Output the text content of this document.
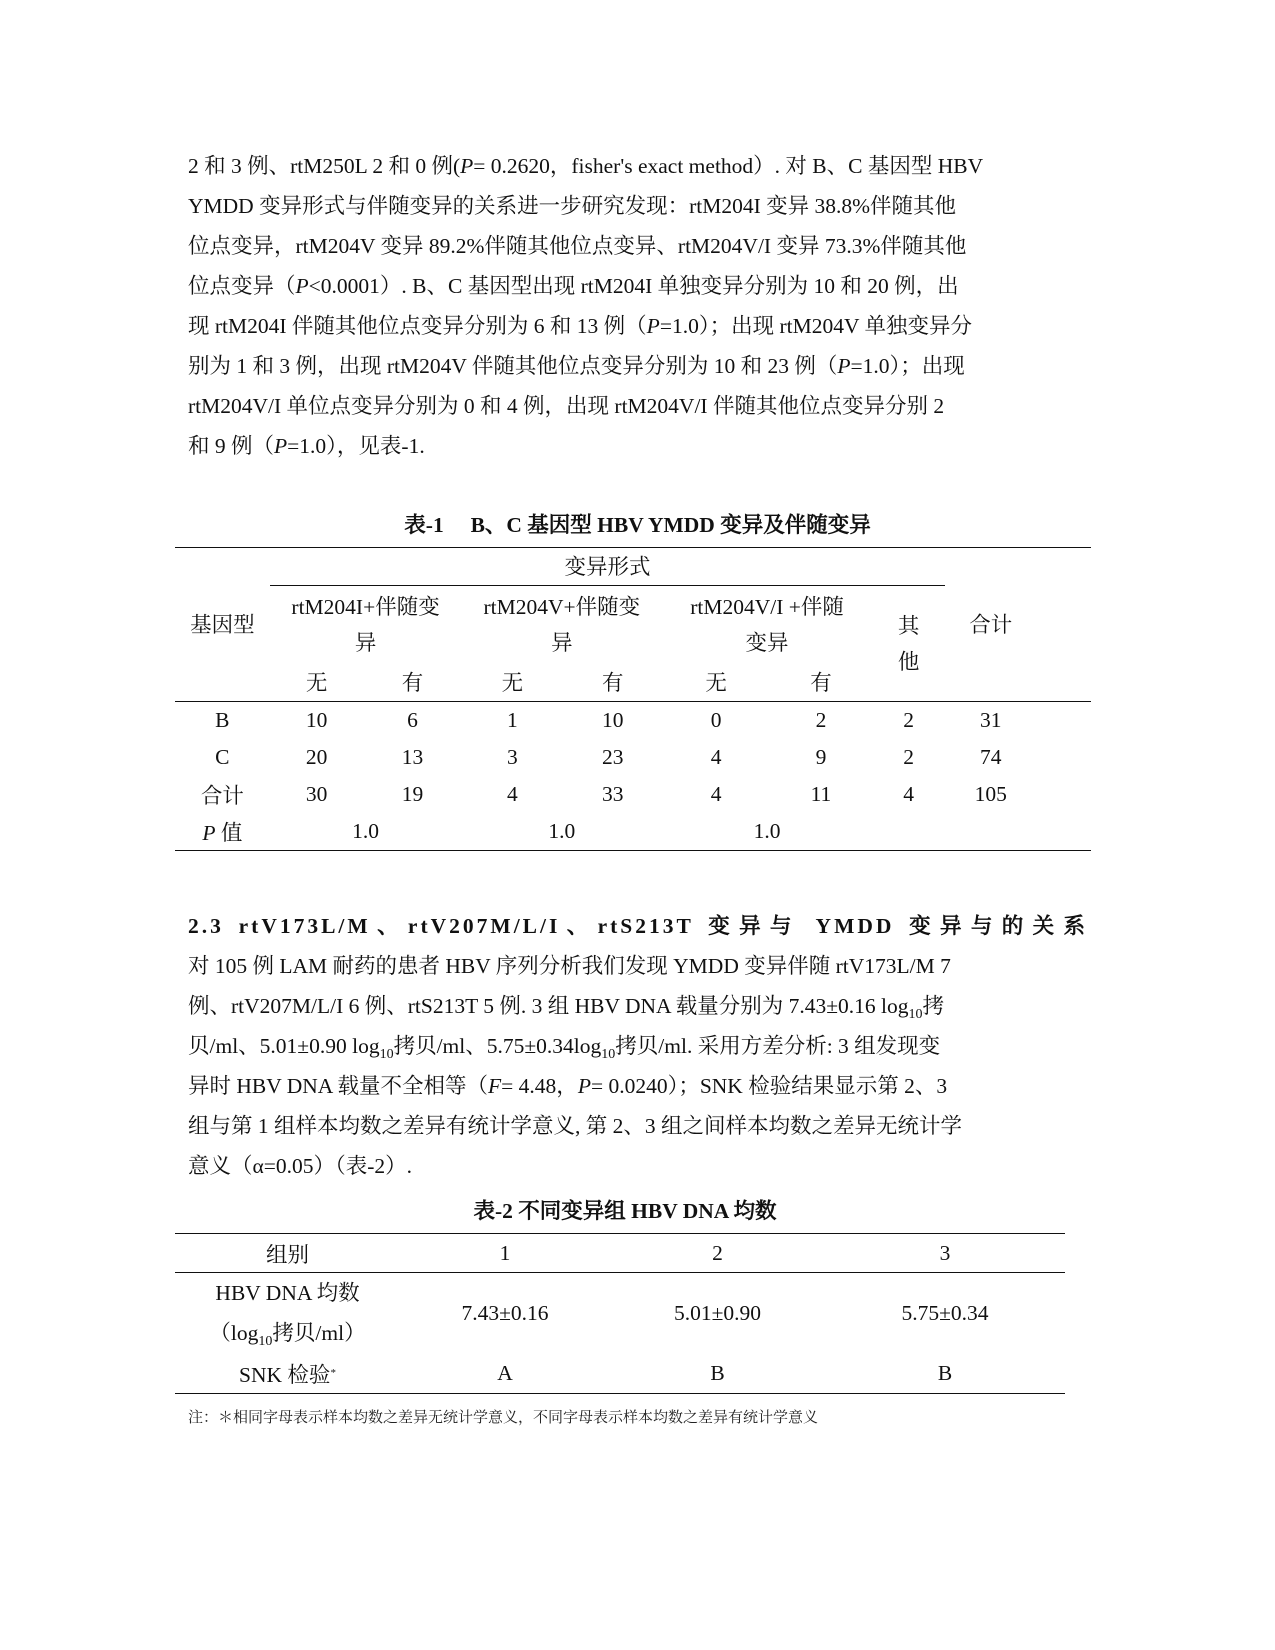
2 和 3 例、rtM250L 2 和 0 例(P= 0.2620，fisher's exact method）. 对 B、C 基因型 HBV
YMDD 变异形式与伴随变异的关系进一步研究发现：rtM204I 变异 38.8%伴随其他
位点变异，rtM204V 变异 89.2%伴随其他位点变异、rtM204V/I 变异 73.3%伴随其他
位点变异（P<0.0001）. B、C 基因型出现 rtM204I 单独变异分别为 10 和 20 例，出
现 rtM204I 伴随其他位点变异分别为 6 和 13 例（P=1.0）；出现 rtM204V 单独变异分
别为 1 和 3 例，出现 rtM204V 伴随其他位点变异分别为 10 和 23 例（P=1.0）；出现
rtM204V/I 单位点变异分别为 0 和 4 例，出现 rtM204V/I 伴随其他位点变异分别 2
和 9 例（P=1.0），见表-1.
表-1　 B、C 基因型 HBV YMDD 变异及伴随变异
基因型	变异形式							合计	
	rtM204I+伴随变异		rtM204V+伴随变异		rtM204V/I +伴随变异		其他		
	无	有	无	有	无	有			
B	10	6	1	10	0	2	2	31	
C	20	13	3	23	4	9	2	74	
合计	30	19	4	33	4	11	4	105	
P 值	1.0		1.0		1.0				
2.3 rtV173L/M、rtV207M/L/I、rtS213T 变异与 YMDD 变异与的关系
对 105 例 LAM 耐药的患者 HBV 序列分析我们发现 YMDD 变异伴随 rtV173L/M 7
例、rtV207M/L/I 6 例、rtS213T 5 例. 3 组 HBV DNA 载量分别为 7.43±0.16 $\log_{10}$拷
贝/ml、5.01±0.90 $\log_{10}$拷贝/ml、$5.75\pm 0.34\log_{10}$拷贝/ml. 采用方差分析: 3 组发现变
异时 HBV DNA 载量不全相等（F= 4.48，P= 0.0240）；SNK 检验结果显示第 2、3
组与第 1 组样本均数之差异有统计学意义, 第 2、3 组之间样本均数之差异无统计学
意义（α=0.05）（表-2）.
表-2 不同变异组 HBV DNA 均数
组别	1	2	3

HBV DNA 均数
（$\log_{10}$拷贝/ml）	7.43±0.16	5.01±0.90	5.75±0.34
SNK 检验*	A	B	B
注：＊相同字母表示样本均数之差异无统计学意义，不同字母表示样本均数之差异有统计学意义
